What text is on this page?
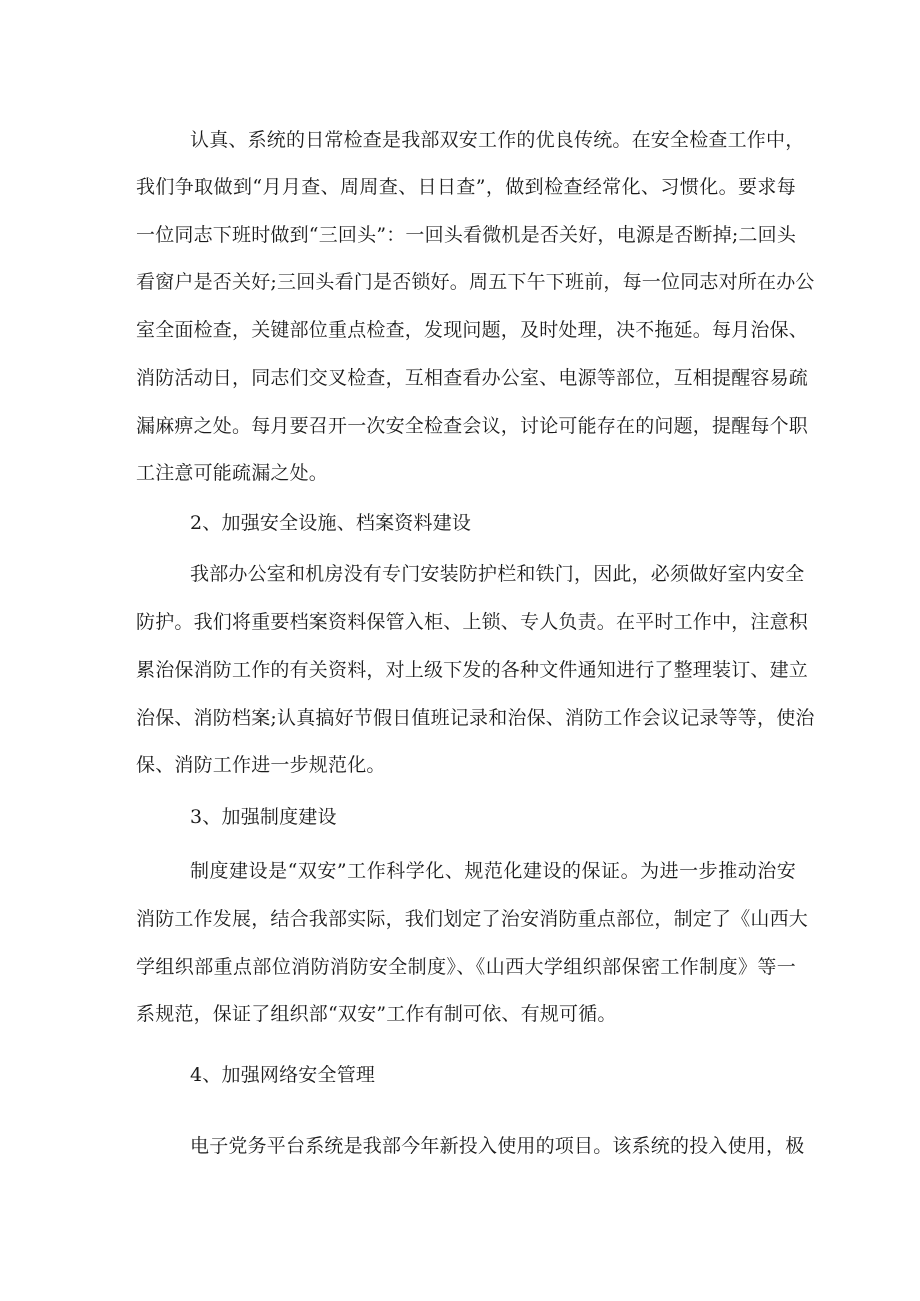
认真、系统的日常检查是我部双安工作的优良传统。在安全检查工作中，
我们争取做到“月月查、周周查、日日查”，做到检查经常化、习惯化。要求每
一位同志下班时做到“三回头”：一回头看微机是否关好，电源是否断掉;二回头
看窗户是否关好;三回头看门是否锁好。周五下午下班前，每一位同志对所在办公
室全面检查，关键部位重点检查，发现问题，及时处理，决不拖延。每月治保、
消防活动日，同志们交叉检查，互相查看办公室、电源等部位，互相提醒容易疏
漏麻痹之处。每月要召开一次安全检查会议，讨论可能存在的问题，提醒每个职
工注意可能疏漏之处。
2、加强安全设施、档案资料建设
我部办公室和机房没有专门安装防护栏和铁门，因此，必须做好室内安全
防护。我们将重要档案资料保管入柜、上锁、专人负责。在平时工作中，注意积
累治保消防工作的有关资料，对上级下发的各种文件通知进行了整理装订、建立
治保、消防档案;认真搞好节假日值班记录和治保、消防工作会议记录等等，使治
保、消防工作进一步规范化。
3、加强制度建设
制度建设是“双安”工作科学化、规范化建设的保证。为进一步推动治安
消防工作发展，结合我部实际，我们划定了治安消防重点部位，制定了《山西大
学组织部重点部位消防消防安全制度》、《山西大学组织部保密工作制度》等一
系规范，保证了组织部“双安”工作有制可依、有规可循。
4、加强网络安全管理
电子党务平台系统是我部今年新投入使用的项目。该系统的投入使用，极
